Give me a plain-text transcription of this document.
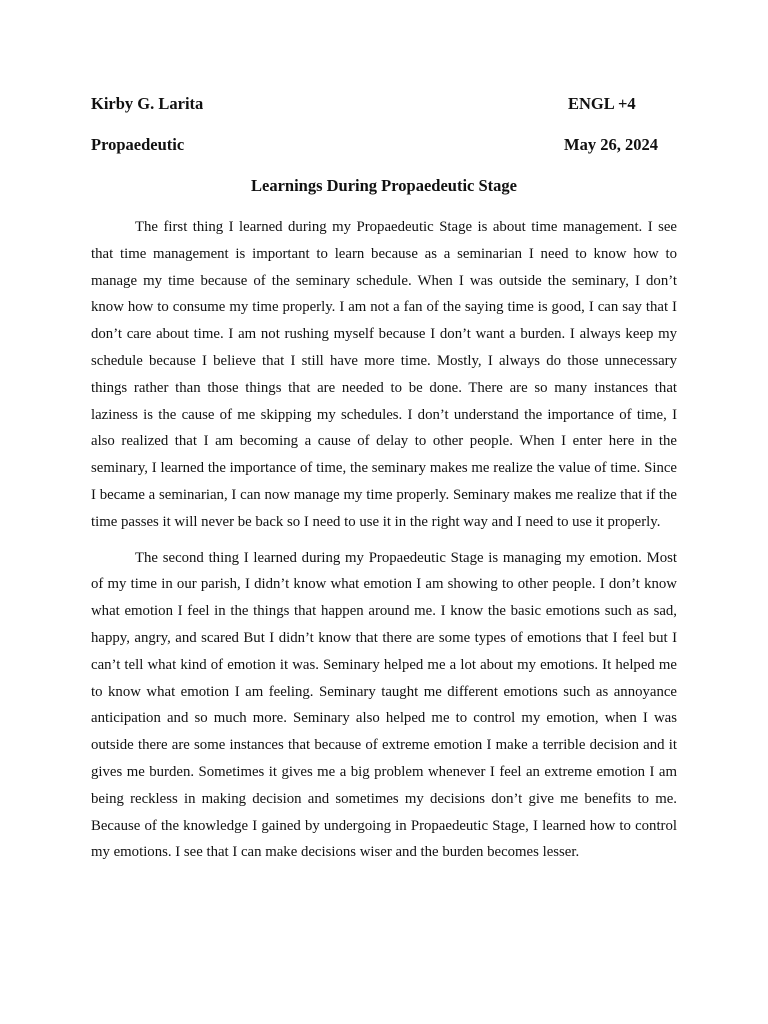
Kirby G. Larita	ENGL +4
Propaedeutic	May 26, 2024
Learnings During Propaedeutic Stage

The first thing I learned during my Propaedeutic Stage is about time management. I see that time management is important to learn because as a seminarian I need to know how to manage my time because of the seminary schedule. When I was outside the seminary, I don’t know how to consume my time properly. I am not a fan of the saying time is good, I can say that I don’t care about time. I am not rushing myself because I don’t want a burden. I always keep my schedule because I believe that I still have more time. Mostly, I always do those unnecessary things rather than those things that are needed to be done. There are so many instances that laziness is the cause of me skipping my schedules. I don’t understand the importance of time, I also realized that I am becoming a cause of delay to other people. When I enter here in the seminary, I learned the importance of time, the seminary makes me realize the value of time. Since I became a seminarian, I can now manage my time properly. Seminary makes me realize that if the time passes it will never be back so I need to use it in the right way and I need to use it properly.

The second thing I learned during my Propaedeutic Stage is managing my emotion. Most of my time in our parish, I didn’t know what emotion I am showing to other people. I don’t know what emotion I feel in the things that happen around me. I know the basic emotions such as sad, happy, angry, and scared But I didn’t know that there are some types of emotions that I feel but I can’t tell what kind of emotion it was. Seminary helped me a lot about my emotions. It helped me to know what emotion I am feeling. Seminary taught me different emotions such as annoyance anticipation and so much more. Seminary also helped me to control my emotion, when I was outside there are some instances that because of extreme emotion I make a terrible decision and it gives me burden. Sometimes it gives me a big problem whenever I feel an extreme emotion I am being reckless in making decision and sometimes my decisions don’t give me benefits to me. Because of the knowledge I gained by undergoing in Propaedeutic Stage, I learned how to control my emotions. I see that I can make decisions wiser and the burden becomes lesser.
